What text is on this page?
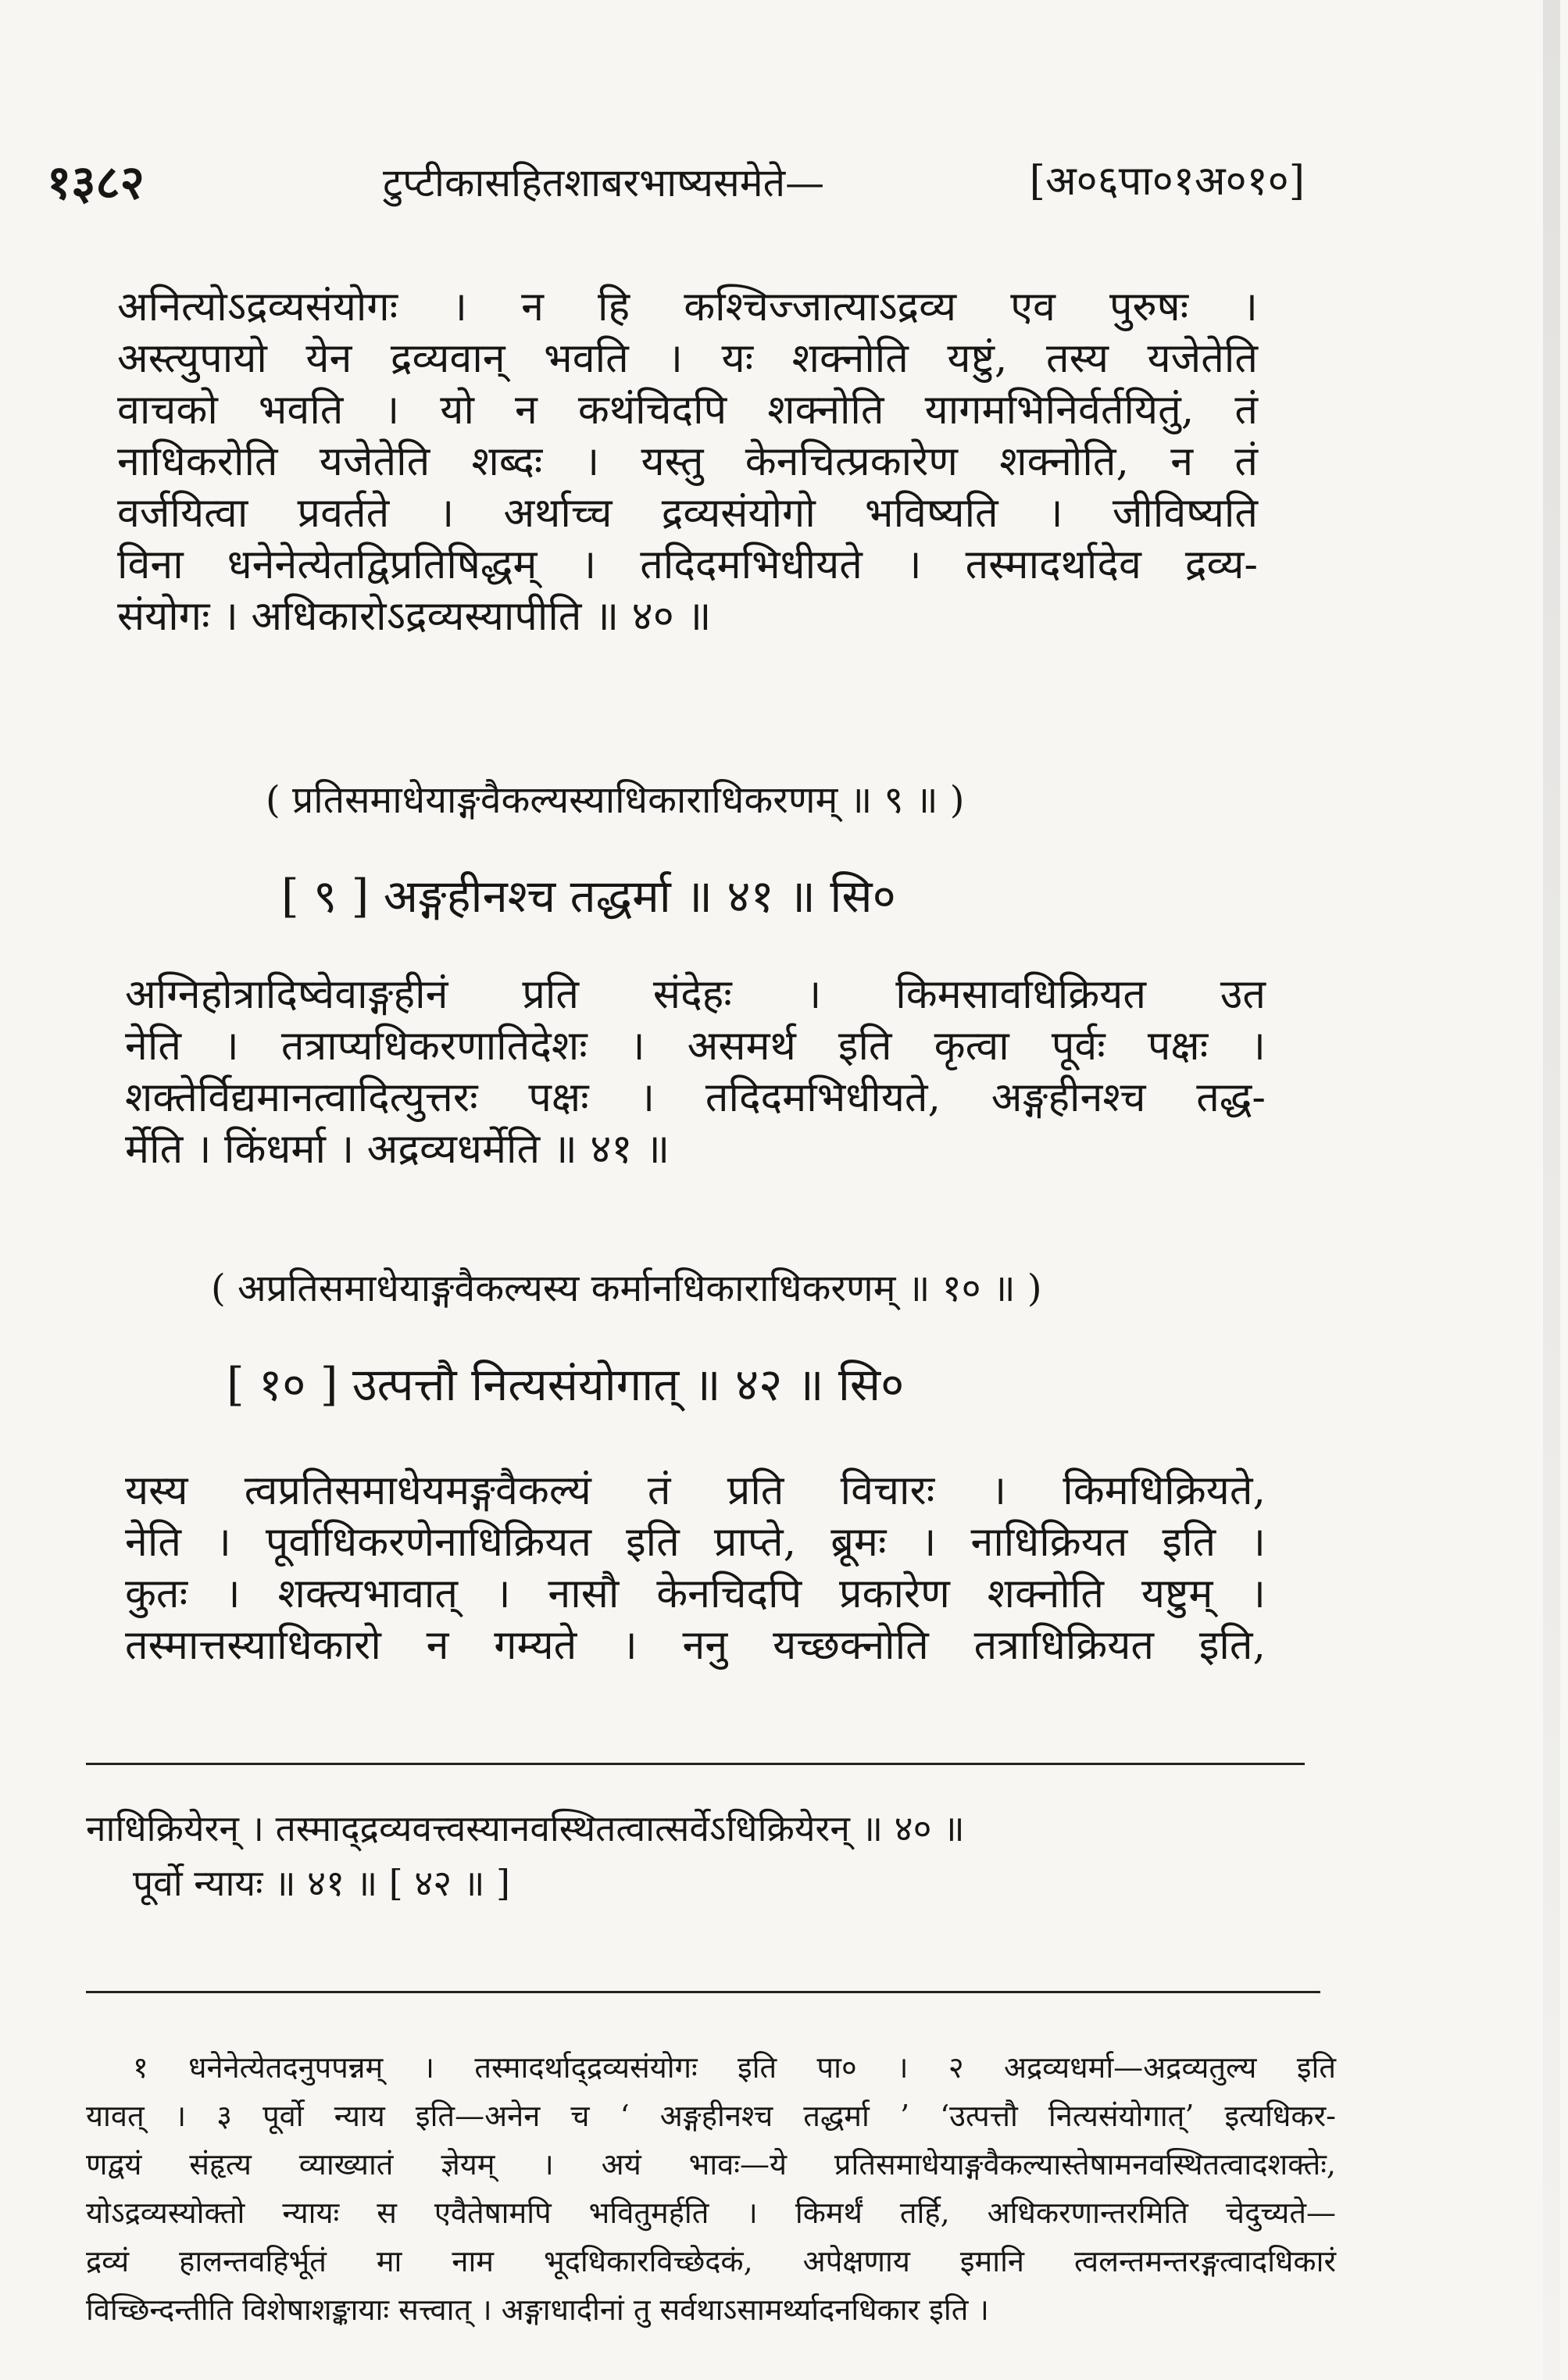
१३८२	टुप्टीकासहितशाबरभाष्यसमेते—	[अ०६पा०१अ०१०]

अनित्योऽद्रव्यसंयोगः । न हि कश्चिज्जात्याऽद्रव्य एव पुरुषः ।

अस्त्युपायो येन द्रव्यवान् भवति । यः शक्नोति यष्टुं, तस्य यजेतेति

वाचको भवति । यो न कथंचिदपि शक्नोति यागमभिनिर्वर्तयितुं, तं

नाधिकरोति यजेतेति शब्दः । यस्तु केनचित्प्रकारेण शक्नोति, न तं

वर्जयित्वा प्रवर्तते । अर्थाच्च द्रव्यसंयोगो भविष्यति । जीविष्यति

विना धनेनेत्येतद्विप्रतिषिद्धम् । तदिदमभिधीयते । तस्मादर्थादेव द्रव्य-

संयोगः । अधिकारोऽद्रव्यस्यापीति ॥ ४० ॥

( प्रतिसमाधेयाङ्गवैकल्यस्याधिकाराधिकरणम् ॥ ९ ॥ )
[ ९ ] अङ्गहीनश्च तद्धर्मा ॥ ४१ ॥ सि०

अग्निहोत्रादिष्वेवाङ्गहीनं प्रति संदेहः । किमसावधिक्रियत उत

नेति । तत्राप्यधिकरणातिदेशः । असमर्थ इति कृत्वा पूर्वः पक्षः ।

शक्तेर्विद्यमानत्वादित्युत्तरः पक्षः । तदिदमभिधीयते, अङ्गहीनश्च तद्ध-

र्मेति । किंधर्मा । अद्रव्यधर्मेति ॥ ४१ ॥

( अप्रतिसमाधेयाङ्गवैकल्यस्य कर्मानधिकाराधिकरणम् ॥ १० ॥ )
[ १० ] उत्पत्तौ नित्यसंयोगात् ॥ ४२ ॥ सि०

यस्य त्वप्रतिसमाधेयमङ्गवैकल्यं तं प्रति विचारः । किमधिक्रियते,

नेति । पूर्वाधिकरणेनाधिक्रियत इति प्राप्ते, ब्रूमः । नाधिक्रियत इति ।

कुतः । शक्त्यभावात् । नासौ केनचिदपि प्रकारेण शक्नोति यष्टुम् ।

तस्मात्तस्याधिकारो न गम्यते । ननु यच्छक्नोति तत्राधिक्रियत इति,

नाधिक्रियेरन् । तस्माद्द्रव्यवत्त्वस्यानवस्थितत्वात्सर्वेऽधिक्रियेरन् ॥ ४० ॥

पूर्वो न्यायः ॥ ४१ ॥ [ ४२ ॥ ]

१ धनेनेत्येतदनुपपन्नम् । तस्मादर्थाद्द्रव्यसंयोगः इति पा० । २ अद्रव्यधर्मा—अद्रव्यतुल्य इति

यावत् । ३ पूर्वो न्याय इति—अनेन च ‘ अङ्गहीनश्च तद्धर्मा ’ ‘उत्पत्तौ नित्यसंयोगात्’ इत्यधिकर-

णद्वयं संहृत्य व्याख्यातं ज्ञेयम् । अयं भावः—ये प्रतिसमाधेयाङ्गवैकल्यास्तेषामनवस्थितत्वादशक्तेः,

योऽद्रव्यस्योक्तो न्यायः स एवैतेषामपि भवितुमर्हति । किमर्थं तर्हि, अधिकरणान्तरमिति चेदुच्यते—

द्रव्यं हालन्तवहिर्भूतं मा नाम भूदधिकारविच्छेदकं, अपेक्षणाय इमानि त्वलन्तमन्तरङ्गत्वादधिकारं

विच्छिन्दन्तीति विशेषाशङ्कायाः सत्त्वात् । अङ्गाधादीनां तु सर्वथाऽसामर्थ्यादनधिकार इति ।
